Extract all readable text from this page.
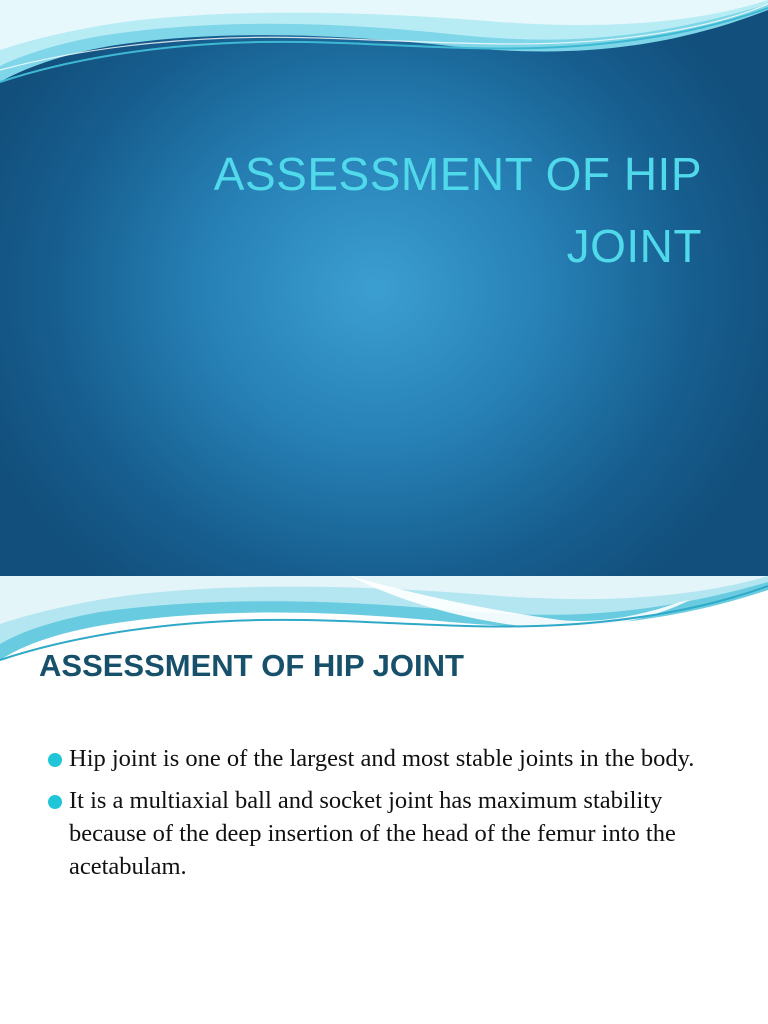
ASSESSMENT OF HIP JOINT
ASSESSMENT OF HIP JOINT
Hip joint is one of the largest and most stable joints in the body.
It is a multiaxial ball and socket joint has maximum stability because of the deep insertion of the head of the femur into the acetabulam.
